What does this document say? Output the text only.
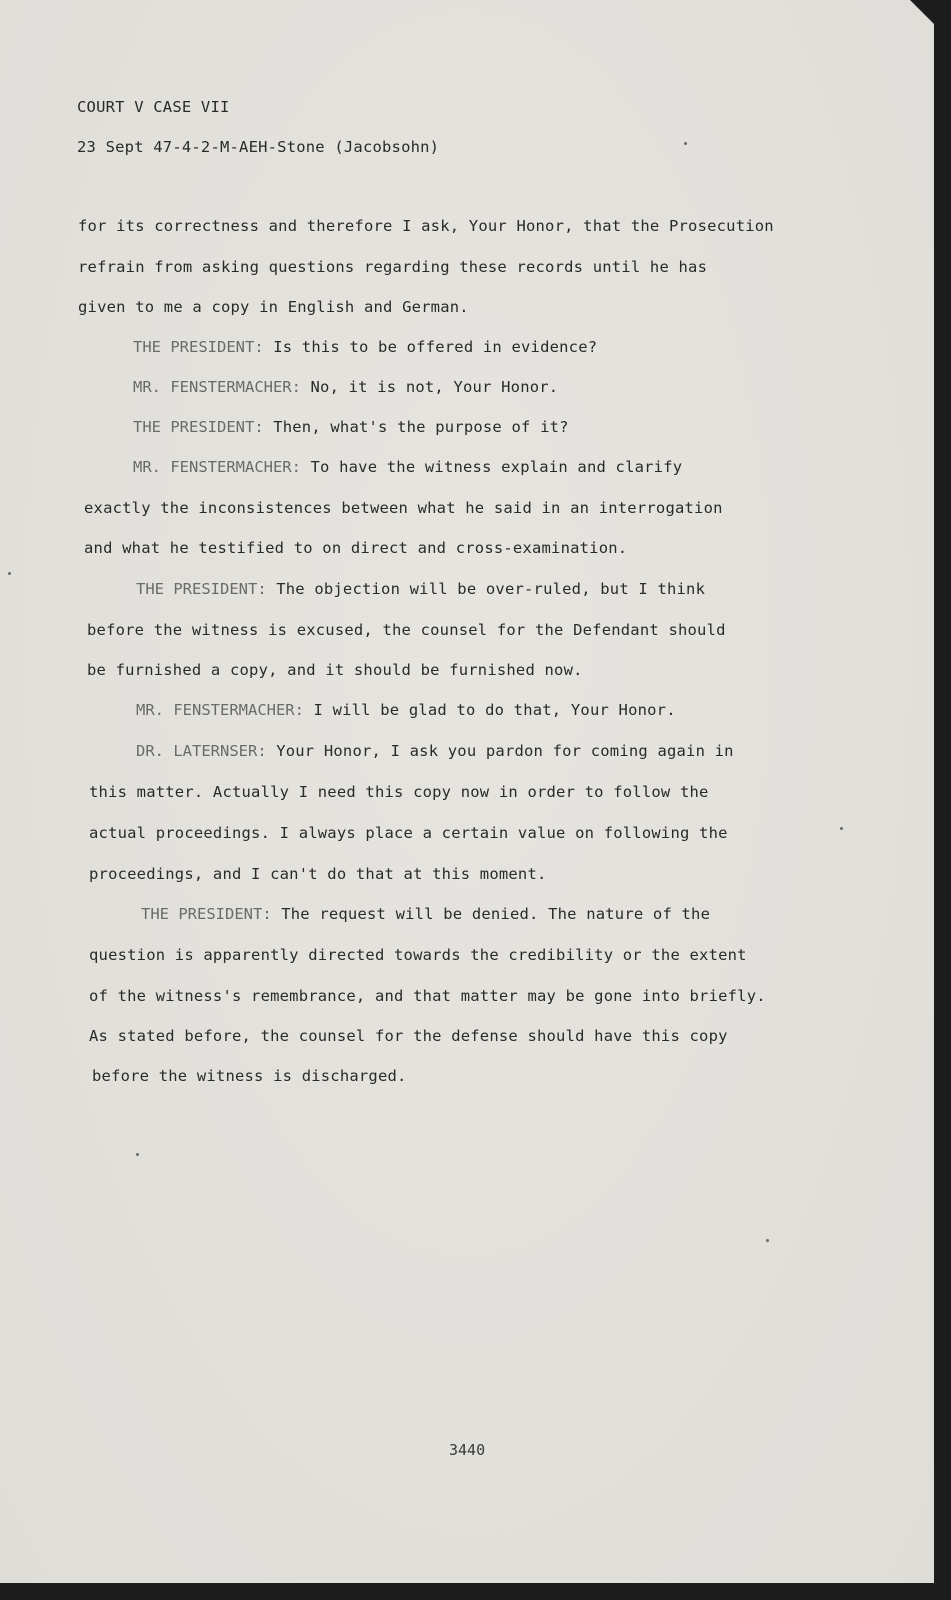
COURT V CASE VII
23 Sept 47-4-2-M-AEH-Stone (Jacobsohn)
for its correctness and therefore I ask, Your Honor, that the Prosecution
refrain from asking questions regarding these records until he has
given to me a copy in English and German.
THE PRESIDENT: Is this to be offered in evidence?
MR. FENSTERMACHER: No, it is not, Your Honor.
THE PRESIDENT: Then, what's the purpose of it?
MR. FENSTERMACHER: To have the witness explain and clarify
exactly the inconsistences between what he said in an interrogation
and what he testified to on direct and cross-examination.
THE PRESIDENT: The objection will be over-ruled, but I think
before the witness is excused, the counsel for the Defendant should
be furnished a copy, and it should be furnished now.
MR. FENSTERMACHER: I will be glad to do that, Your Honor.
DR. LATERNSER: Your Honor, I ask you pardon for coming again in
this matter. Actually I need this copy now in order to follow the
actual proceedings. I always place a certain value on following the
proceedings, and I can't do that at this moment.
THE PRESIDENT: The request will be denied. The nature of the
question is apparently directed towards the credibility or the extent
of the witness's remembrance, and that matter may be gone into briefly.
As stated before, the counsel for the defense should have this copy
before the witness is discharged.
3440
